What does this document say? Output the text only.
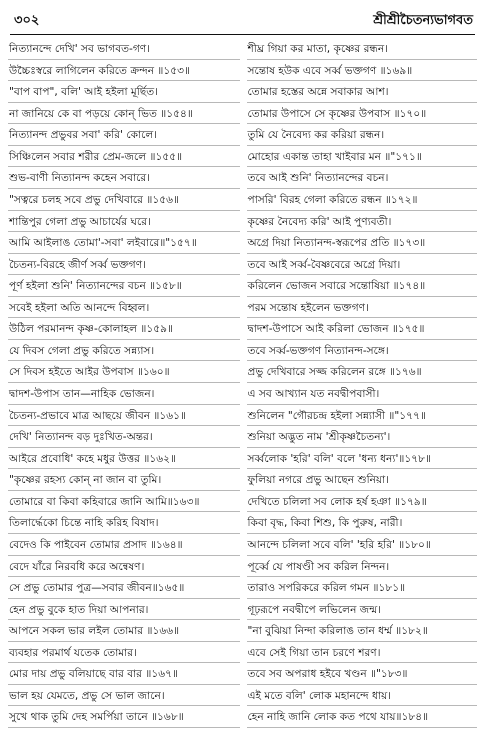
৩০২	শ্রীশ্রীচৈতন্যভাগবত
নিত্যানন্দে দেখি' সব ভাগবত-গণ।
উচ্চৈঃস্বরে লাগিলেন করিতে ক্রন্দন ॥১৫৩॥
"বাপ বাপ", বলি' আই হইলা মূর্ছিত।
না জানিয়ে কে বা পড়য়ে কোন্ ভিত ॥১৫৪॥
নিত্যানন্দ প্রভুবর সবা' করি' কোলে।
সিঞ্চিলেন সবার শরীর প্রেম-জলে ॥১৫৫॥
শুভ-বাণী নিত্যানন্দ কহেন সবারে।
"সত্বরে চলহ সবে প্রভু দেখিবারে ॥১৫৬॥
শান্তিপুর গেলা প্রভু আচার্যের ঘরে।
আমি আইলাঙ তোমা'-সবা' লইবারে॥"১৫৭॥
চৈতন্য-বিরহে জীর্ণ সর্ব্ব ভক্তগণ।
পূর্ণ হইলা শুনি' নিত্যানন্দের বচন ॥১৫৮॥
সবেই হইলা অতি আনন্দে বিহ্বল।
উঠিল পরমানন্দ কৃষ্ণ-কোলাহল ॥১৫৯॥
যে দিবস গেলা প্রভু করিতে সন্ন্যাস।
সে দিবস হইতে আইর উপবাস ॥১৬০॥
দ্বাদশ-উপাস তান—নাহিক ভোজন।
চৈতন্য-প্রভাবে মাত্র আছয়ে জীবন ॥১৬১॥
দেখি' নিত্যানন্দ বড় দুঃখিত-অন্তর।
আইরে প্রবোধি' কহে মধুর উত্তর ॥১৬২॥
"কৃষ্ণের রহস্য কোন্ না জান বা তুমি।
তোমারে বা কিবা কহিবারে জানি আমি॥১৬৩॥
তিলার্দ্ধেকো চিন্তে নাহি করিহ বিষাদ।
বেদেও কি পাইবেন তোমার প্রসাদ ॥১৬৪॥
বেদে যাঁরে নিরবধি করে অন্বেষণ।
সে প্রভু তোমার পুত্র—সবার জীবন॥১৬৫॥
হেন প্রভু বুকে হাত দিয়া আপনার।
আপনে সকল ভার লইল তোমার ॥১৬৬॥
ব্যবহার পরমার্থ যতেক তোমার।
মোর দায় প্রভু বলিয়াছে বার বার ॥১৬৭॥
ভাল হয় যেমতে, প্রভু সে ভাল জানে।
সুখে থাক তুমি দেহ সমর্পিয়া তানে ॥১৬৮॥
শীঘ্র গিয়া কর মাতা, কৃষ্ণের রন্ধন।
সন্তোষ হউক এবে সর্ব্ব ভক্তগণ ॥১৬৯॥
তোমার হস্তের অন্নে সবাকার আশ।
তোমার উপাসে সে কৃষ্ণের উপবাস ॥১৭০॥
তুমি যে নৈবেদ্য কর করিয়া রন্ধন।
মোহোর একান্ত তাহা খাইবার মন ॥"১৭১॥
তবে আই শুনি' নিত্যানন্দের বচন।
পাসরি' বিরহ গেলা করিতে রন্ধন ॥১৭২॥
কৃষ্ণের নৈবেদ্য করি' আই পুণ্যবতী।
অগ্রে দিয়া নিত্যানন্দ-স্বরূপের প্রতি ॥১৭৩॥
তবে আই সর্ব্ব-বৈষ্ণবেরে অগ্রে দিয়া।
করিলেন ভোজন সবারে সন্তোষিয়া ॥১৭৪॥
পরম সন্তোষ হইলেন ভক্তগণ।
দ্বাদশ-উপাসে আই করিলা ভোজন ॥১৭৫॥
তবে সর্ব্ব-ভক্তগণ নিত্যানন্দ-সঙ্গে।
প্রভু দেখিবারে সজ্জ করিলেন রঙ্গে ॥১৭৬॥
এ সব আখ্যান যত নবদ্বীপবাসী।
শুনিলেন "গৌরচন্দ্র হইলা সন্ন্যাসী ॥"১৭৭॥
শুনিয়া অদ্ভুত নাম 'শ্রীকৃষ্ণচৈতন্য'।
সর্ব্বলোক 'হরি' বলি' বলে 'ধন্য ধন্য'॥১৭৮॥
ফুলিয়া নগরে প্রভু আছেন শুনিয়া।
দেখিতে চলিলা সব লোক হর্ষ হঞা ॥১৭৯॥
কিবা বৃদ্ধ, কিবা শিশু, কি পুরুষ, নারী।
আনন্দে চলিলা সবে বলি' 'হরি হরি' ॥১৮০॥
পূর্ব্বে যে পাষণ্ডী সব করিল নিন্দন।
তারাও সপরিকরে করিল গমন ॥১৮১॥
গূঢ়রূপে নবদ্বীপে লভিলেন জন্ম।
"না বুঝিয়া নিন্দা করিলাঙ তান ধর্ম্ম ॥১৮২॥
এবে সেই গিয়া তান চরণে শরণ।
তবে সব অপরাধ হইবে খণ্ডন ॥"১৮৩॥
এই মতে বলি' লোক মহানন্দে ধায়।
হেন নাহি জানি লোক কত পথে যায়॥১৮৪॥
